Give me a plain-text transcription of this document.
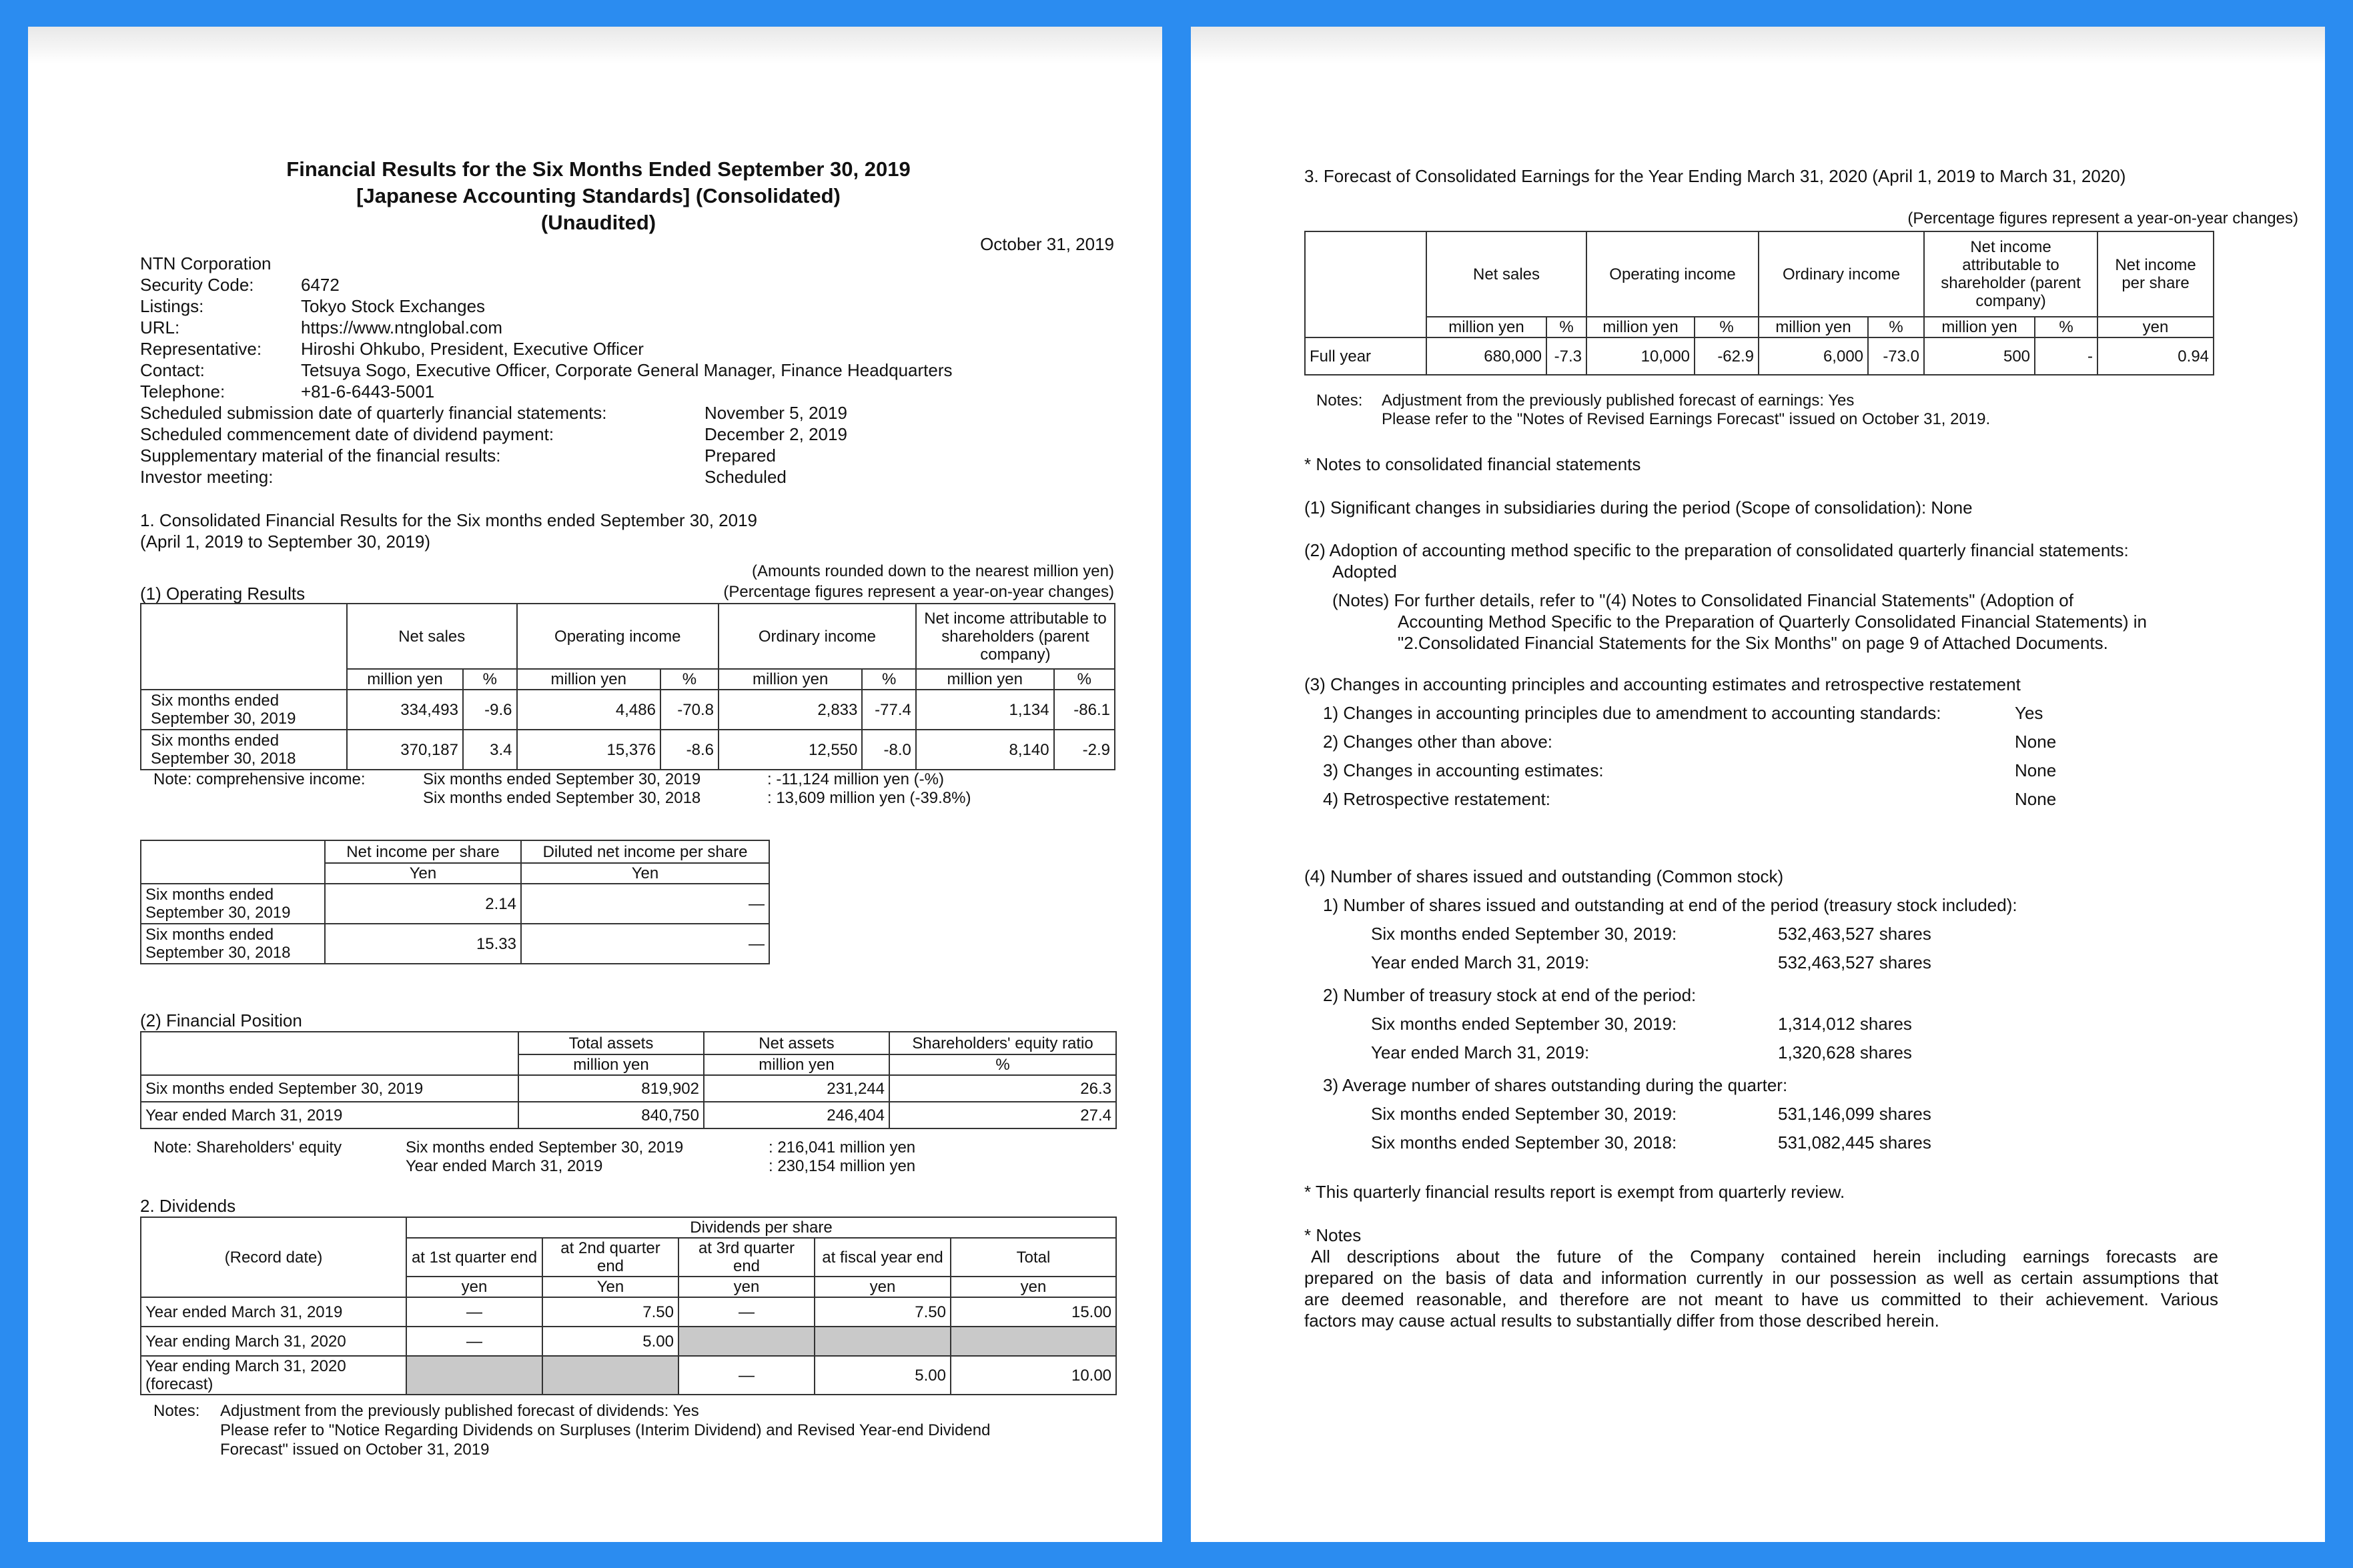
Financial Results for the Six Months Ended September 30, 2019
[Japanese Accounting Standards] (Consolidated)
(Unaudited)
October 31, 2019
NTN Corporation
Security Code:	6472
Listings:	Tokyo Stock Exchanges
URL:	https://www.ntnglobal.com
Representative: Hiroshi Ohkubo, President, Executive Officer
Contact:	Tetsuya Sogo, Executive Officer, Corporate General Manager, Finance Headquarters
Telephone:	+81-6-6443-5001
Scheduled submission date of quarterly financial statements:	November 5, 2019
Scheduled commencement date of dividend payment:	December 2, 2019
Supplementary material of the financial results:	Prepared
Investor meeting:	Scheduled
1. Consolidated Financial Results for the Six months ended September 30, 2019
(April 1, 2019 to September 30, 2019)
(Amounts rounded down to the nearest million yen)
(1) Operating Results	(Percentage figures represent a year-on-year changes)
	Net sales		Operating income		Ordinary income		Net income attributable to shareholders (parent company)	
	million yen	%	million yen	%	million yen	%	million yen	%
Six months ended September 30, 2019	334,493	-9.6	4,486	-70.8	2,833	-77.4	1,134	-86.1
Six months ended September 30, 2018	370,187	3.4	15,376	-8.6	12,550	-8.0	8,140	-2.9
Note: comprehensive income:	Six months ended September 30, 2019	: -11,124 million yen (-%)
Six months ended September 30, 2018	: 13,609 million yen (-39.8%)
	Net income per share	Diluted net income per share
	Yen	Yen
Six months ended September 30, 2019	2.14	—
Six months ended September 30, 2018	15.33	—
(2) Financial Position
	Total assets	Net assets	Shareholders' equity ratio
	million yen	million yen	%
Six months ended September 30, 2019	819,902	231,244	26.3
Year ended March 31, 2019	840,750	246,404	27.4
Note: Shareholders' equity	Six months ended September 30, 2019	: 216,041 million yen
Year ended March 31, 2019	: 230,154 million yen
2. Dividends
(Record date)	Dividends per share				
	at 1st quarter end	at 2nd quarter end	at 3rd quarter end	at fiscal year end	Total
	yen	Yen	yen	yen	yen
Year ended March 31, 2019	—	7.50	—	7.50	15.00
Year ending March 31, 2020	—	5.00			
Year ending March 31, 2020 (forecast)			—	5.00	10.00
Notes: Adjustment from the previously published forecast of dividends: Yes
Please refer to "Notice Regarding Dividends on Surpluses (Interim Dividend) and Revised Year-end Dividend
Forecast" issued on October 31, 2019
3. Forecast of Consolidated Earnings for the Year Ending March 31, 2020 (April 1, 2019 to March 31, 2020)
(Percentage figures represent a year-on-year changes)
	Net sales		Operating income		Ordinary income		Net income attributable to shareholder (parent company)		Net income per share
	million yen	%	million yen	%	million yen	%	million yen	%	yen
Full year	680,000	-7.3	10,000	-62.9	6,000	-73.0	500	-	0.94
Notes: Adjustment from the previously published forecast of earnings: Yes
Please refer to the "Notes of Revised Earnings Forecast" issued on October 31, 2019.
* Notes to consolidated financial statements
(1) Significant changes in subsidiaries during the period (Scope of consolidation): None
(2) Adoption of accounting method specific to the preparation of consolidated quarterly financial statements:
Adopted
(Notes) For further details, refer to "(4) Notes to Consolidated Financial Statements" (Adoption of
Accounting Method Specific to the Preparation of Quarterly Consolidated Financial Statements) in
"2.Consolidated Financial Statements for the Six Months" on page 9 of Attached Documents.
(3) Changes in accounting principles and accounting estimates and retrospective restatement
1) Changes in accounting principles due to amendment to accounting standards:	Yes
2) Changes other than above:	None
3) Changes in accounting estimates:	None
4) Retrospective restatement:	None
(4) Number of shares issued and outstanding (Common stock)
1) Number of shares issued and outstanding at end of the period (treasury stock included):
Six months ended September 30, 2019:	532,463,527 shares
Year ended March 31, 2019:	532,463,527 shares
2) Number of treasury stock at end of the period:
Six months ended September 30, 2019:	1,314,012 shares
Year ended March 31, 2019:	1,320,628 shares
3) Average number of shares outstanding during the quarter:
Six months ended September 30, 2019:	531,146,099 shares
Six months ended September 30, 2018:	531,082,445 shares
* This quarterly financial results report is exempt from quarterly review.
* Notes
All descriptions about the future of the Company contained herein including earnings forecasts are
prepared on the basis of data and information currently in our possession as well as certain assumptions that
are deemed reasonable, and therefore are not meant to have us committed to their achievement. Various
factors may cause actual results to substantially differ from those described herein.
